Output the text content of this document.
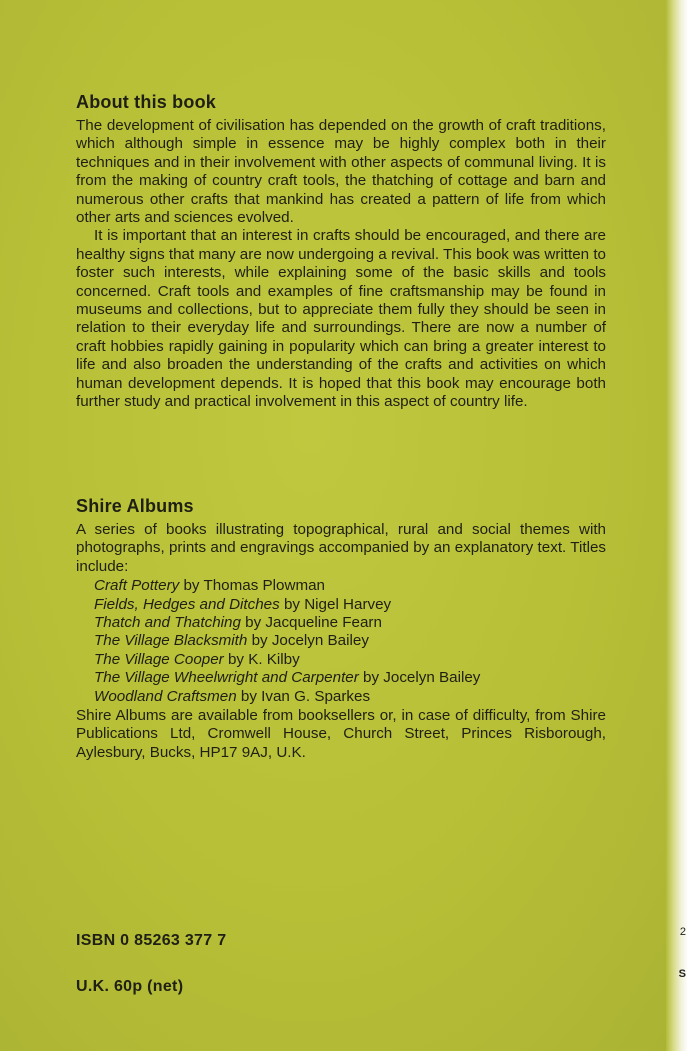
2
S
About this book

The development of civilisation has depended on the growth of craft traditions, which although simple in essence may be highly complex both in their techniques and in their involvement with other aspects of communal living. It is from the making of country craft tools, the thatching of cottage and barn and numerous other crafts that mankind has created a pattern of life from which other arts and sciences evolved.

It is important that an interest in crafts should be encouraged, and there are healthy signs that many are now undergoing a revival. This book was written to foster such interests, while explaining some of the basic skills and tools concerned. Craft tools and examples of fine craftsmanship may be found in museums and collections, but to appreciate them fully they should be seen in relation to their everyday life and surroundings. There are now a number of craft hobbies rapidly gaining in popularity which can bring a greater interest to life and also broaden the understanding of the crafts and activities on which human development depends. It is hoped that this book may encourage both further study and practical involvement in this aspect of country life.

Shire Albums

A series of books illustrating topographical, rural and social themes with photographs, prints and engravings accompanied by an explanatory text. Titles include:

Craft Pottery by Thomas Plowman
Fields, Hedges and Ditches by Nigel Harvey
Thatch and Thatching by Jacqueline Fearn
The Village Blacksmith by Jocelyn Bailey
The Village Cooper by K. Kilby
The Village Wheelwright and Carpenter by Jocelyn Bailey
Woodland Craftsmen by Ivan G. Sparkes

Shire Albums are available from booksellers or, in case of difficulty, from Shire Publications Ltd, Cromwell House, Church Street, Princes Risborough, Aylesbury, Bucks, HP17 9AJ, U.K.

ISBN 0 85263 377 7
U.K. 60p (net)
